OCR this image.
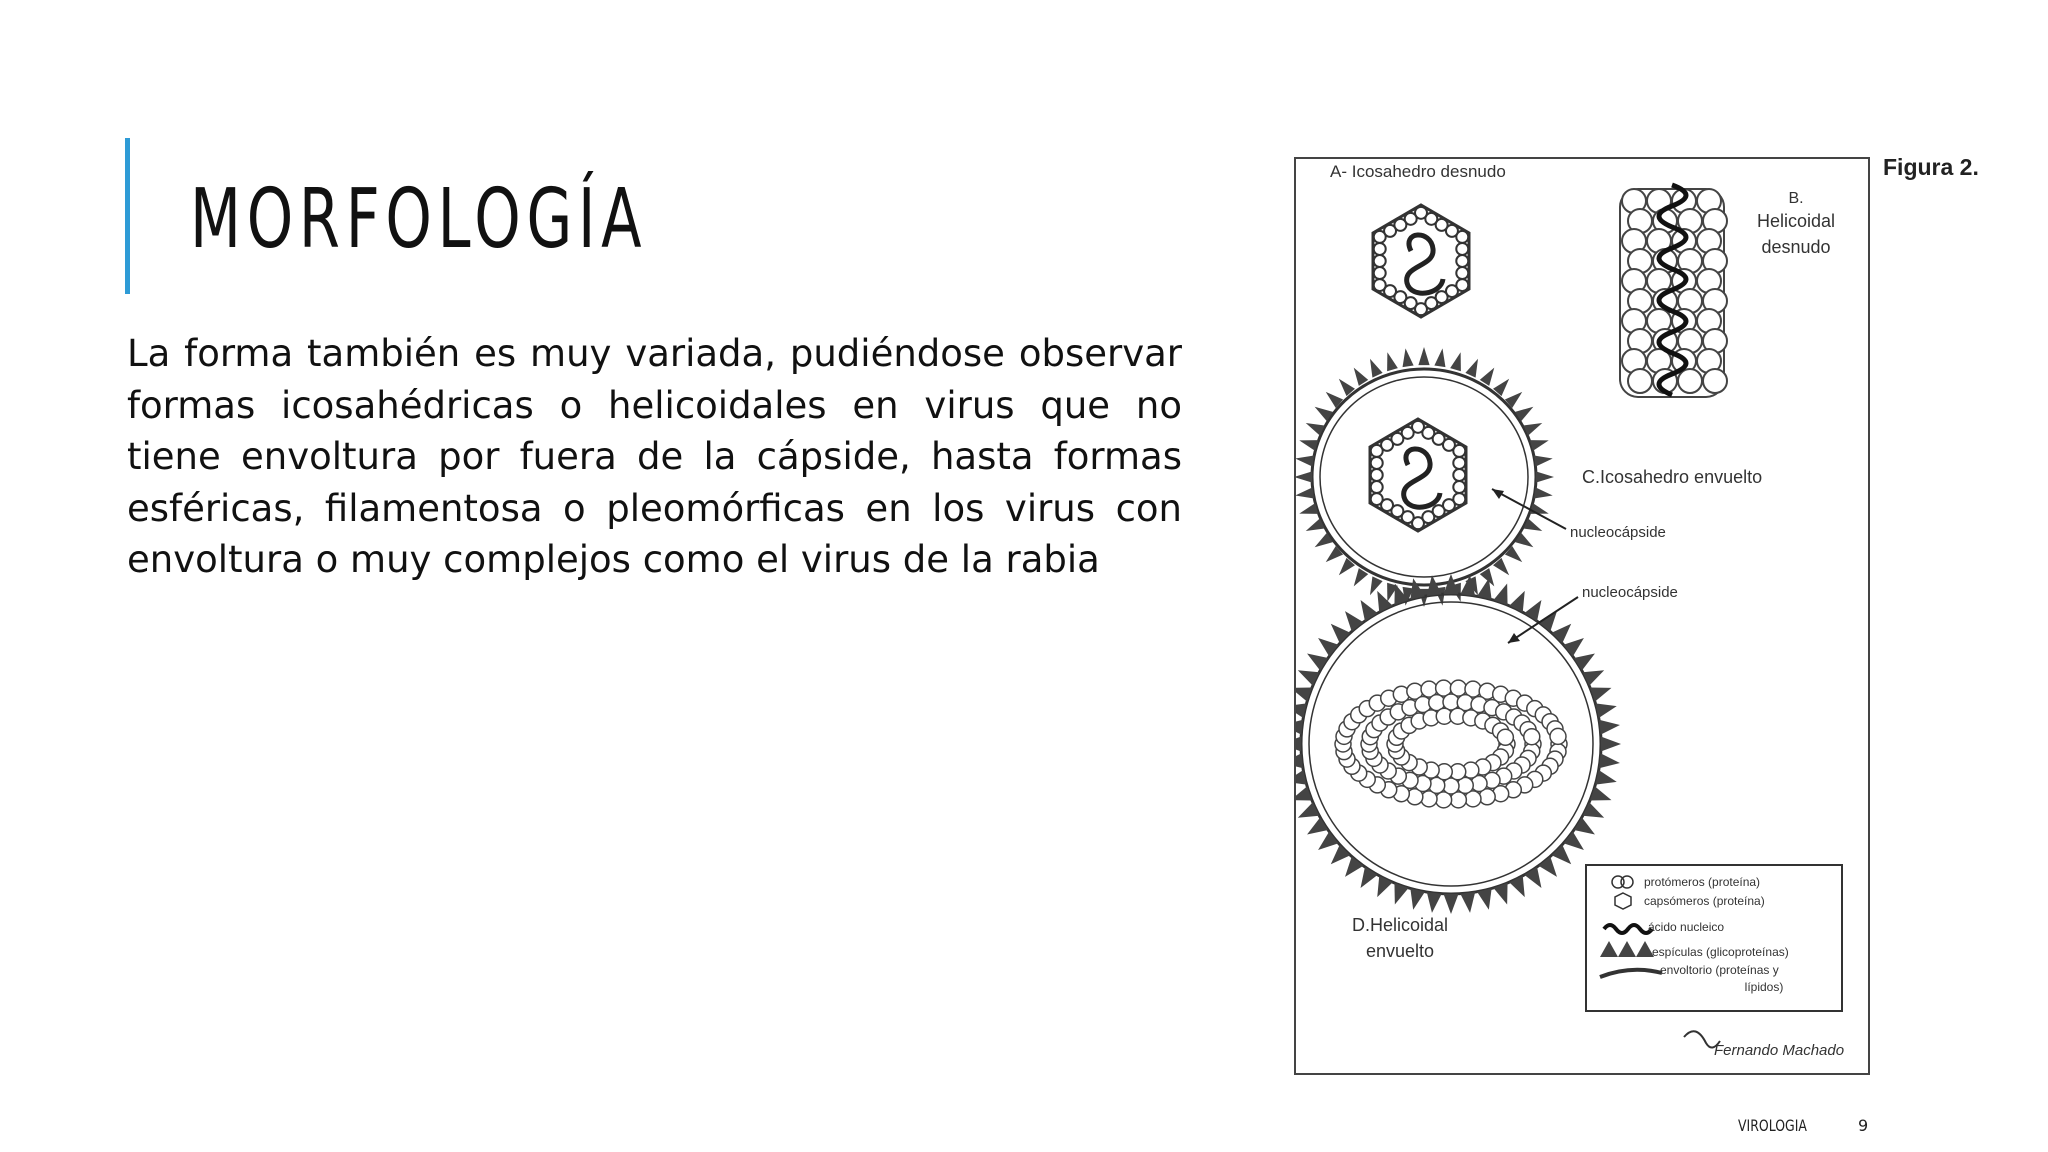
MORFOLOGÍA
La forma también es muy variada, pudiéndose observar formas icosahédricas o helicoidales en virus que no tiene envoltura por fuera de la cápside, hasta formas esféricas, filamentosa o pleomórficas en los virus con envoltura o muy complejos como el virus de la rabia
Figura 2.
A- Icosahedro desnudo
B.
Helicoidal
desnudo
C.Icosahedro envuelto
nucleocápside
nucleocápside
D.Helicoidal
envuelto
protómeros (proteína)
capsómeros (proteína)
ácido nucleico
espículas (glicoproteínas)
envoltorio (proteínas y
lípidos)
Fernando Machado
VIROLOGIA	9
